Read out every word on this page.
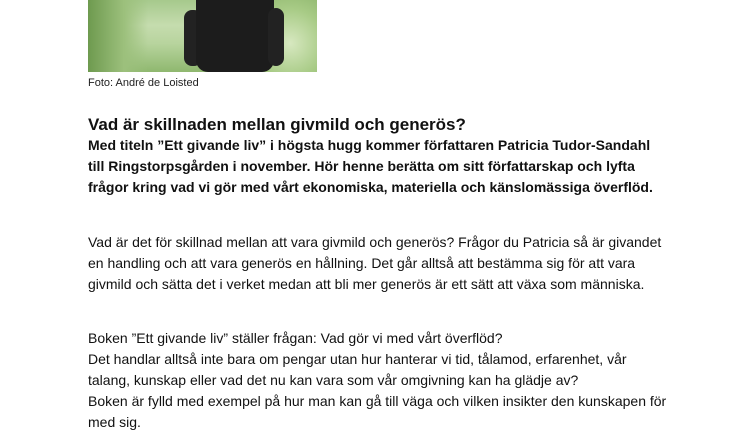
Foto: André de Loisted
Vad är skillnaden mellan givmild och generös?

Med titeln ”Ett givande liv” i högsta hugg kommer författaren Patricia Tudor-Sandahl till Ringstorpsgården i november. Hör henne berätta om sitt författarskap och lyfta frågor kring vad vi gör med vårt ekonomiska, materiella och känslomässiga överflöd.

Vad är det för skillnad mellan att vara givmild och generös? Frågor du Patricia så är givandet en handling och att vara generös en hållning. Det går alltså att bestämma sig för att vara givmild och sätta det i verket medan att bli mer generös är ett sätt att växa som människa.

Boken ”Ett givande liv” ställer frågan: Vad gör vi med vårt överflöd?
Det handlar alltså inte bara om pengar utan hur hanterar vi tid, tålamod, erfarenhet, vår talang, kunskap eller vad det nu kan vara som vår omgivning kan ha glädje av?
Boken är fylld med exempel på hur man kan gå till väga och vilken insikter den kunskapen för med sig.
